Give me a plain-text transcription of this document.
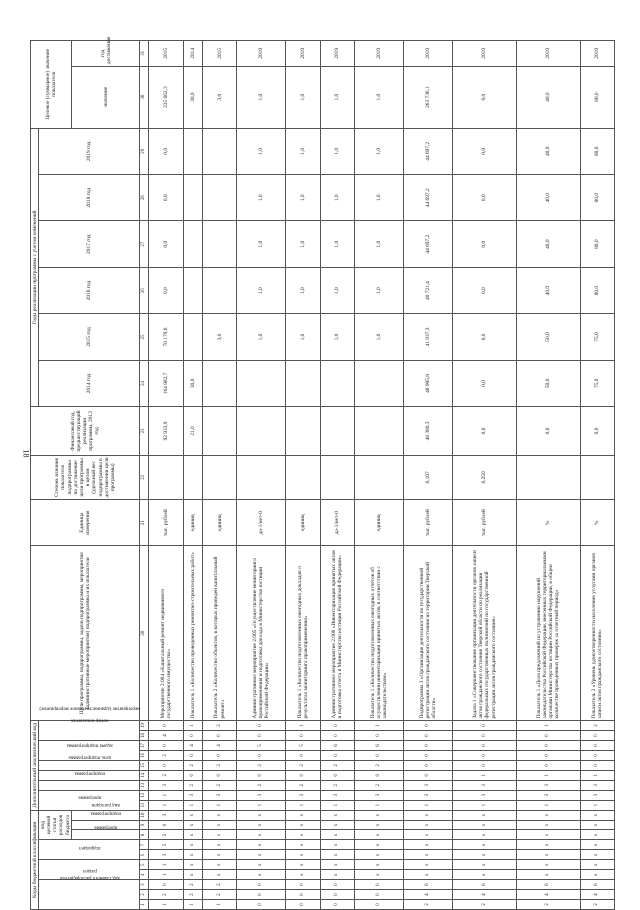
18
Коды бюджетной классификации										Дополнительный аналитический код									Цели программы, подпрограммы, задачи подпрограммы, мероприятия (административные мероприятия) подпрограммы и их показатели	Единица измерения	Степень влияния показателя подпрограммы на достижение цели программы в целом (удельный вес подпрограммы в достижении цели программы)	Финансовый год, предшествующий реализации программы, 2013 год	Годы реализации программы с учетом изменений						Целевое (суммарное) значение показателя	
код главного распорядителя			раздел		подраздел		код целевой статьи расходов бюджета			программа		подпрограмма	цель подпрограммы	задача подпрограммы	мероприятие (административное мероприятие)		номер показателя						2014 год	2015 год	2016 год	2017 год	2018 год	2019 год		
							программа	подпрограмма	вид расходов																				значение	год достижения
1	2	3	4	5	6	7	8	9	10	11	12	13	14	15	16	17	18	19	20	21	22	23	24	25	26	27	28	29	30	31
1	2	0	1	1	3	5	2	0	3	1	1	3	2	0	2	0	4	0	Мероприятие 2.004 «Капитальный ремонт недвижимого государственного имущества»	тыс. рублей		92 933,9	164 882,7	70 179,6	0,0	0,0	0,0	0,0	235 062,3	2015
1	2	2	x	x	x	x	x	x	x	1	3	2	0	2	0	4	0	1	Показатель 1 «Количество проведенных ремонтно-строительных работ»	единиц		21,0	30,0						30,0	2014
1	2	2	x	x	x	x	x	x	x	1	3	2	0	2	0	4	0	2	Показатель 2 «Количество объектов, в которых проведен капитальный ремонт»	единиц				3,0					3,0	2015
0	0	0	x	x	x	x	x	x	x	1	3	2	0	2	0	5	0	0	Административное мероприятие 2.005 «Осуществление мониторинга правоприменения и подготовка доклада в Министерство юстиции Российской Федерации»	да-1/нет-0				1,0	1,0	1,0	1,0	1,0	1,0	2019
0	0	0	x	x	x	x	x	x	x	1	3	2	0	2	0	5	0	1	Показатель 1 «Количество подготовленных ежегодных докладов о результатах мониторинга правоприменения»	единиц				1,0	1,0	1,0	1,0	1,0	1,0	2019
0	0	0	x	x	x	x	x	x	x	1	3	2	0	2	0	6	0	0	Административное мероприятие 2.006 «Инвентаризация принятых актов и подготовка отчета в Министерство юстиции Российской Федерации»	да-1/нет-0				1,0	1,0	1,0	1,0	1,0	1,0	2019
0	0	0	x	x	x	x	x	x	x	1	3	2	0	2	0	6	0	1	Показатель 1 «Количество подготовленных ежегодных отчетов об осуществлении инвентаризации принятых актов, в соответствии с законодательством»	единиц				1,0	1,0	1,0	1,0	1,0	1,0	2019
2	4	6	x	x	x	x	x	x	x	1	3	3	0	0	0	0	0	0	Подпрограмма 3 «Организация деятельности по государственной регистрации актов гражданского состояния на территории Тверской области»	тыс. рублей	0,107	48 380,3	46 985,8	41 937,3	40 721,4	44 697,2	44 697,2	44 697,2	263 736,1	2019
2	4	6	x	x	x	x	x	x	x	1	3	3	1	0	0	0	0	0	Задача 1 «Совершенствование организации деятельности органов записи актов гражданского состояния Тверской области по реализации федеральных государственных полномочий по государственной регистрации актов гражданского состояния»	тыс. рублей	0,250	0,0	0,0	0,0	0,0	0,0	0,0	0,0	0,0	2019
2	4	6	x	x	x	x	x	x	x	1	3	3	1	0	0	0	0	1	Показатель 1 «Доля предложений по устранению нарушений законодательства Российской Федерации, внесенных территориальными органами Министерства юстиции Российской Федерации, в общем количестве проведенных проверок за отчетный период»	%		0,0	50,0	50,0	40,0	40,0	40,0	40,0	40,0	2019
2	4	6	x	x	x	x	x	x	x	1	3	3	1	0	0	0	0	2	Показатель 2 «Уровень удовлетворенности населения услугами органов записи актов гражданского состояния»	%		0,0	75,0	75,0	80,0	80,0	80,0	80,0	80,0	2019
